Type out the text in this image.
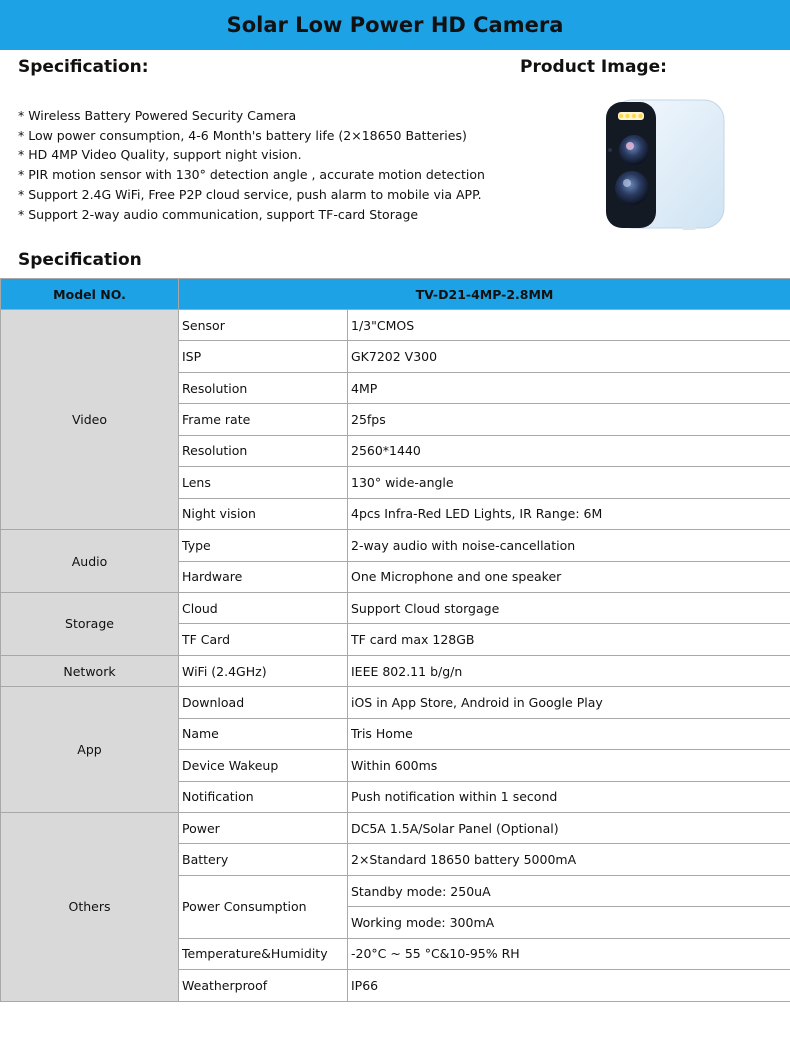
Solar Low Power HD Camera
Specification:	Product Image:
* Wireless Battery Powered Security Camera
* Low power consumption, 4-6 Month's battery life (2×18650 Batteries)
* HD 4MP Video Quality, support night vision.
* PIR motion sensor with 130° detection angle , accurate motion detection
* Support 2.4G WiFi, Free P2P cloud service, push alarm to mobile via APP.
* Support 2-way audio communication, support TF-card Storage
Specification
Model NO.	TV-D21-4MP-2.8MM	
Video	Sensor	1/3"CMOS
	ISP	GK7202 V300
	Resolution	4MP
	Frame rate	25fps
	Resolution	2560*1440
	Lens	130° wide-angle
	Night vision	4pcs Infra-Red LED Lights, IR Range: 6M
Audio	Type	2-way audio with noise-cancellation
	Hardware	One Microphone and one speaker
Storage	Cloud	Support Cloud storgage
	TF Card	TF card max 128GB
Network	WiFi (2.4GHz)	IEEE 802.11 b/g/n
App	Download	iOS in App Store, Android in Google Play
	Name	Tris Home
	Device Wakeup	Within 600ms
	Notification	Push notification within 1 second
Others	Power	DC5A 1.5A/Solar Panel (Optional)
	Battery	2×Standard 18650 battery 5000mA
	Power Consumption	Standby mode: 250uA
		Working mode: 300mA
	Temperature&Humidity	-20°C ~ 55 °C&10-95% RH
	Weatherproof	IP66
